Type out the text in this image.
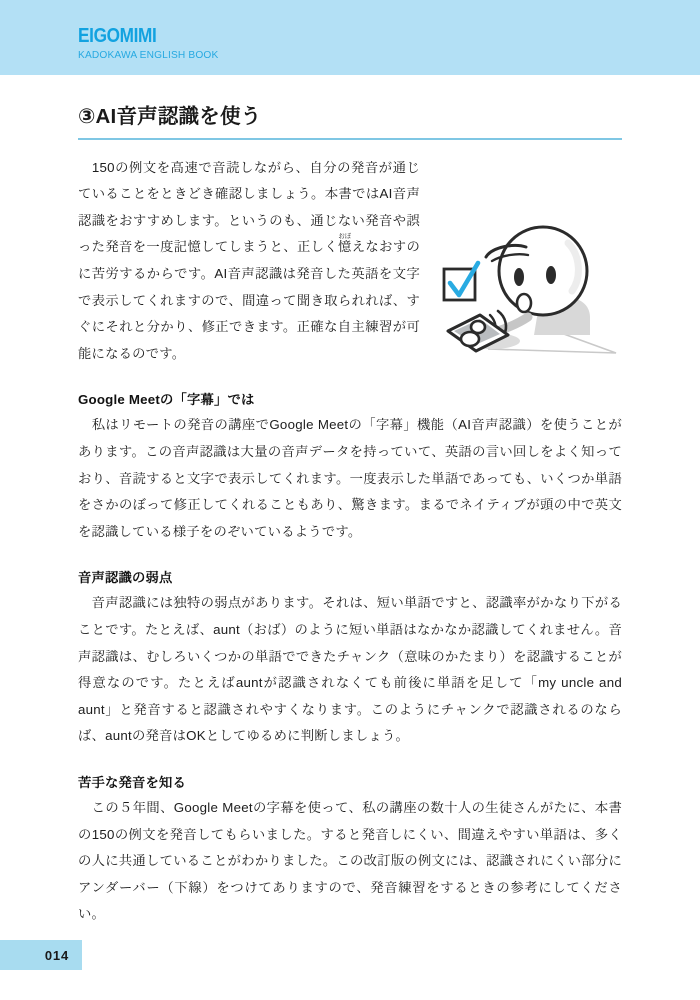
EIGOMIMI
KADOKAWA ENGLISH BOOK
③AI音声認識を使う

　150の例文を高速で音読しながら、自分の発音が通じていることをときどき確認しましょう。本書ではAI音声認識をおすすめします。というのも、通じない発音や誤った発音を一度記憶してしまうと、正しく憶おぼえなおすのに苦労するからです。AI音声認識は発音した英語を文字で表示してくれますので、間違って聞き取られれば、すぐにそれと分かり、修正できます。正確な自主練習が可能になるのです。

Google Meetの「字幕」では

　私はリモートの発音の講座でGoogle Meetの「字幕」機能（AI音声認識）を使うことがあります。この音声認識は大量の音声データを持っていて、英語の言い回しをよく知っており、音読すると文字で表示してくれます。一度表示した単語であっても、いくつか単語をさかのぼって修正してくれることもあり、驚きます。まるでネイティブが頭の中で英文を認識している様子をのぞいているようです。

音声認識の弱点

　音声認識には独特の弱点があります。それは、短い単語ですと、認識率がかなり下がることです。たとえば、aunt（おば）のように短い単語はなかなか認識してくれません。音声認識は、むしろいくつかの単語でできたチャンク（意味のかたまり）を認識することが得意なのです。たとえばauntが認識されなくても前後に単語を足して「my uncle and aunt」と発音すると認識されやすくなります。このようにチャンクで認識されるのならば、auntの発音はOKとしてゆるめに判断しましょう。

苦手な発音を知る

　この５年間、Google Meetの字幕を使って、私の講座の数十人の生徒さんがたに、本書の150の例文を発音してもらいました。すると発音しにくい、間違えやすい単語は、多くの人に共通していることがわかりました。この改訂版の例文には、認識されにくい部分にアンダーバー（下線）をつけてありますので、発音練習をするときの参考にしてください。

014
